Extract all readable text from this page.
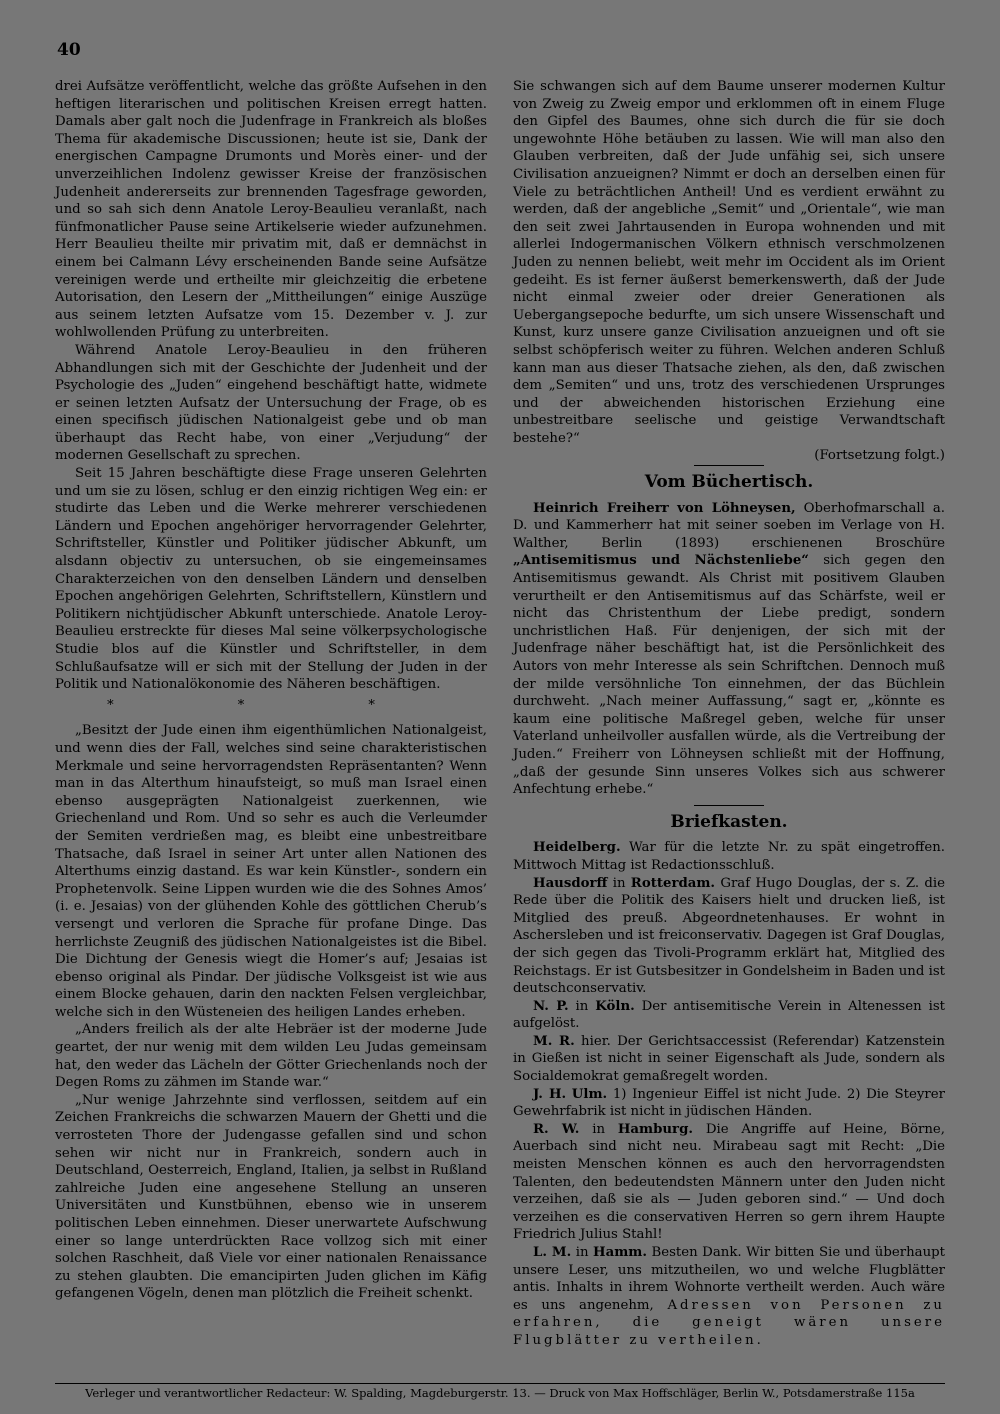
40

drei Aufsätze veröffentlicht, welche das größte Aufsehen in den heftigen literarischen und politischen Kreisen erregt hatten. Damals aber galt noch die Judenfrage in Frankreich als bloßes Thema für akademische Discussionen; heute ist sie, Dank der energischen Campagne Drumonts und Morès einer- und der unverzeihlichen Indolenz gewisser Kreise der französischen Judenheit andererseits zur brennenden Tagesfrage geworden, und so sah sich denn Anatole Leroy-Beaulieu veranlaßt, nach fünfmonatlicher Pause seine Artikelserie wieder aufzunehmen. Herr Beaulieu theilte mir privatim mit, daß er demnächst in einem bei Calmann Lévy erscheinenden Bande seine Aufsätze vereinigen werde und ertheilte mir gleichzeitig die erbetene Autorisation, den Lesern der „Mittheilungen“ einige Auszüge aus seinem letzten Aufsatze vom 15. Dezember v. J. zur wohlwollenden Prüfung zu unterbreiten.

Während Anatole Leroy-Beaulieu in den früheren Abhandlungen sich mit der Geschichte der Judenheit und der Psychologie des „Juden“ eingehend beschäftigt hatte, widmete er seinen letzten Aufsatz der Untersuchung der Frage, ob es einen specifisch jüdischen Nationalgeist gebe und ob man überhaupt das Recht habe, von einer „Verjudung“ der modernen Gesellschaft zu sprechen.

Seit 15 Jahren beschäftigte diese Frage unseren Gelehrten und um sie zu lösen, schlug er den einzig richtigen Weg ein: er studirte das Leben und die Werke mehrerer verschiedenen Ländern und Epochen angehöriger hervorragender Gelehrter, Schriftsteller, Künstler und Politiker jüdischer Abkunft, um alsdann objectiv zu untersuchen, ob sie eingemeinsames Charakterzeichen von den denselben Ländern und denselben Epochen angehörigen Gelehrten, Schriftstellern, Künstlern und Politikern nichtjüdischer Abkunft unterschiede. Anatole Leroy-Beaulieu erstreckte für dieses Mal seine völkerpsychologische Studie blos auf die Künstler und Schriftsteller, in dem Schlußaufsatze will er sich mit der Stellung der Juden in der Politik und Nationalökonomie des Näheren beschäftigen.

* * *

„Besitzt der Jude einen ihm eigenthümlichen Nationalgeist, und wenn dies der Fall, welches sind seine charakteristischen Merkmale und seine hervorragendsten Repräsentanten? Wenn man in das Alterthum hinaufsteigt, so muß man Israel einen ebenso ausgeprägten Nationalgeist zuerkennen, wie Griechenland und Rom. Und so sehr es auch die Verleumder der Semiten verdrießen mag, es bleibt eine unbestreitbare Thatsache, daß Israel in seiner Art unter allen Nationen des Alterthums einzig dastand. Es war kein Künstler-, sondern ein Prophetenvolk. Seine Lippen wurden wie die des Sohnes Amos’ (i. e. Jesaias) von der glühenden Kohle des göttlichen Cherub’s versengt und verloren die Sprache für profane Dinge. Das herrlichste Zeugniß des jüdischen Nationalgeistes ist die Bibel. Die Dichtung der Genesis wiegt die Homer’s auf; Jesaias ist ebenso original als Pindar. Der jüdische Volksgeist ist wie aus einem Blocke gehauen, darin den nackten Felsen vergleichbar, welche sich in den Wüsteneien des heiligen Landes erheben.

„Anders freilich als der alte Hebräer ist der moderne Jude geartet, der nur wenig mit dem wilden Leu Judas gemeinsam hat, den weder das Lächeln der Götter Griechenlands noch der Degen Roms zu zähmen im Stande war.“

„Nur wenige Jahrzehnte sind verflossen, seitdem auf ein Zeichen Frankreichs die schwarzen Mauern der Ghetti und die verrosteten Thore der Judengasse gefallen sind und schon sehen wir nicht nur in Frankreich, sondern auch in Deutschland, Oesterreich, England, Italien, ja selbst in Rußland zahlreiche Juden eine angesehene Stellung an unseren Universitäten und Kunstbühnen, ebenso wie in unserem politischen Leben einnehmen. Dieser unerwartete Aufschwung einer so lange unterdrückten Race vollzog sich mit einer solchen Raschheit, daß Viele vor einer nationalen Renaissance zu stehen glaubten. Die emancipirten Juden glichen im Käfig gefangenen Vögeln, denen man plötzlich die Freiheit schenkt.

Sie schwangen sich auf dem Baume unserer modernen Kultur von Zweig zu Zweig empor und erklommen oft in einem Fluge den Gipfel des Baumes, ohne sich durch die für sie doch ungewohnte Höhe betäuben zu lassen. Wie will man also den Glauben verbreiten, daß der Jude unfähig sei, sich unsere Civilisation anzueignen? Nimmt er doch an derselben einen für Viele zu beträchtlichen Antheil! Und es verdient erwähnt zu werden, daß der angebliche „Semit“ und „Orientale“, wie man den seit zwei Jahrtausenden in Europa wohnenden und mit allerlei Indogermanischen Völkern ethnisch verschmolzenen Juden zu nennen beliebt, weit mehr im Occident als im Orient gedeiht. Es ist ferner äußerst bemerkenswerth, daß der Jude nicht einmal zweier oder dreier Generationen als Uebergangsepoche bedurfte, um sich unsere Wissenschaft und Kunst, kurz unsere ganze Civilisation anzueignen und oft sie selbst schöpferisch weiter zu führen. Welchen anderen Schluß kann man aus dieser Thatsache ziehen, als den, daß zwischen dem „Semiten“ und uns, trotz des verschiedenen Ursprunges und der abweichenden historischen Erziehung eine unbestreitbare seelische und geistige Verwandtschaft bestehe?“

(Fortsetzung folgt.)
Vom Büchertisch.

Heinrich Freiherr von Löhneysen, Oberhofmarschall a. D. und Kammerherr hat mit seiner soeben im Verlage von H. Walther, Berlin (1893) erschienenen Broschüre „Antisemitismus und Nächstenliebe“ sich gegen den Antisemitismus gewandt. Als Christ mit positivem Glauben verurtheilt er den Antisemitismus auf das Schärfste, weil er nicht das Christenthum der Liebe predigt, sondern unchristlichen Haß. Für denjenigen, der sich mit der Judenfrage näher beschäftigt hat, ist die Persönlichkeit des Autors von mehr Interesse als sein Schriftchen. Dennoch muß der milde versöhnliche Ton einnehmen, der das Büchlein durchweht. „Nach meiner Auffassung,“ sagt er, „könnte es kaum eine politische Maßregel geben, welche für unser Vaterland unheilvoller ausfallen würde, als die Vertreibung der Juden.“ Freiherr von Löhneysen schließt mit der Hoffnung, „daß der gesunde Sinn unseres Volkes sich aus schwerer Anfechtung erhebe.“

Briefkasten.

Heidelberg. War für die letzte Nr. zu spät eingetroffen. Mittwoch Mittag ist Redactionsschluß.

Hausdorff in Rotterdam. Graf Hugo Douglas, der s. Z. die Rede über die Politik des Kaisers hielt und drucken ließ, ist Mitglied des preuß. Abgeordnetenhauses. Er wohnt in Aschersleben und ist freiconservativ. Dagegen ist Graf Douglas, der sich gegen das Tivoli-Programm erklärt hat, Mitglied des Reichstags. Er ist Gutsbesitzer in Gondelsheim in Baden und ist deutschconservativ.

N. P. in Köln. Der antisemitische Verein in Altenessen ist aufgelöst.

M. R. hier. Der Gerichtsaccessist (Referendar) Katzenstein in Gießen ist nicht in seiner Eigenschaft als Jude, sondern als Socialdemokrat gemaßregelt worden.

J. H. Ulm. 1) Ingenieur Eiffel ist nicht Jude. 2) Die Steyrer Gewehrfabrik ist nicht in jüdischen Händen.

R. W. in Hamburg. Die Angriffe auf Heine, Börne, Auerbach sind nicht neu. Mirabeau sagt mit Recht: „Die meisten Menschen können es auch den hervorragendsten Talenten, den bedeutendsten Männern unter den Juden nicht verzeihen, daß sie als — Juden geboren sind.“ — Und doch verzeihen es die conservativen Herren so gern ihrem Haupte Friedrich Julius Stahl!

L. M. in Hamm. Besten Dank. Wir bitten Sie und überhaupt unsere Leser, uns mitzutheilen, wo und welche Flugblätter antis. Inhalts in ihrem Wohnorte vertheilt werden. Auch wäre es uns angenehm, Adressen von Personen zu erfahren, die geneigt wären unsere Flugblätter zu vertheilen.

Verleger und verantwortlicher Redacteur: W. Spalding, Magdeburgerstr. 13. — Druck von Max Hoffschläger, Berlin W., Potsdamerstraße 115a
